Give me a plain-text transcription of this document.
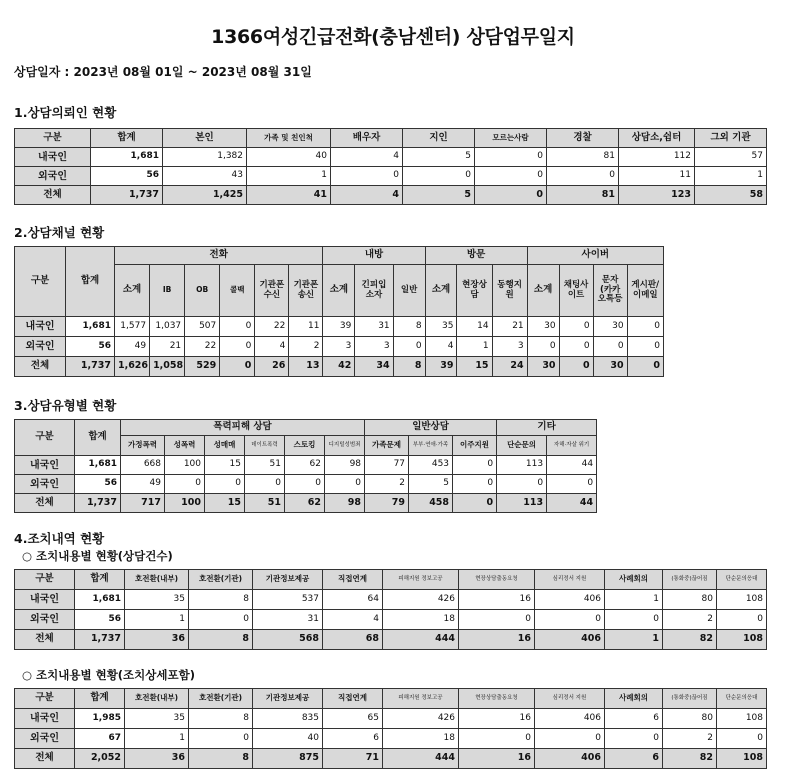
1366여성긴급전화(충남센터) 상담업무일지
상담일자 : 2023년 08월 01일 ~ 2023년 08월 31일
1.상담의뢰인 현황
구분	합계	본인	가족 및 친인척	배우자	지인	모르는사람	경찰	상담소,쉼터	그외 기관
내국인	1,681	1,382	40	4	5	0	81	112	57
외국인	56	43	1	0	0	0	0	11	1
전체	1,737	1,425	41	4	5	0	81	123	58
2.상담채널 현황
구분	합계	전화						내방			방문			사이버			
		소계	IB	OB	콜백	기관폰 수신	기관폰 송신	소계	긴피입소자	일반	소계	현장상담	동행지원	소계	채팅사이트	문자(카카오톡등	게시판/이메일
내국인	1,681	1,577	1,037	507	0	22	11	39	31	8	35	14	21	30	0	30	0
외국인	56	49	21	22	0	4	2	3	3	0	4	1	3	0	0	0	0
전체	1,737	1,626	1,058	529	0	26	13	42	34	8	39	15	24	30	0	30	0
3.상담유형별 현황
구분	합계	폭력피해 상담						일반상담			기타	
		가정폭력	성폭력	성매매	데이트폭력	스토킹	디지털성범죄	가족문제	부부·연애·가족	이주지원	단순문의	자해·자살 위기
내국인	1,681	668	100	15	51	62	98	77	453	0	113	44
외국인	56	49	0	0	0	0	0	2	5	0	0	0
전체	1,737	717	100	15	51	62	98	79	458	0	113	44
4.조치내역 현황
○ 조치내용별 현황(상담건수)
구분	합계	호전환(내부)	호전환(기관)	기관정보제공	직접연계	피해지원 정보고공	현장상담출동요청	심리정서 지원	사례회의	(통화중)끊어짐	단순문의응대
내국인	1,681	35	8	537	64	426	16	406	1	80	108
외국인	56	1	0	31	4	18	0	0	0	2	0
전체	1,737	36	8	568	68	444	16	406	1	82	108
○ 조치내용별 현황(조치상세포함)
구분	합계	호전환(내부)	호전환(기관)	기관정보제공	직접연계	피해지원 정보고공	현장상담출동요청	심리정서 지원	사례회의	(통화중)끊어짐	단순문의응대
내국인	1,985	35	8	835	65	426	16	406	6	80	108
외국인	67	1	0	40	6	18	0	0	0	2	0
전체	2,052	36	8	875	71	444	16	406	6	82	108
